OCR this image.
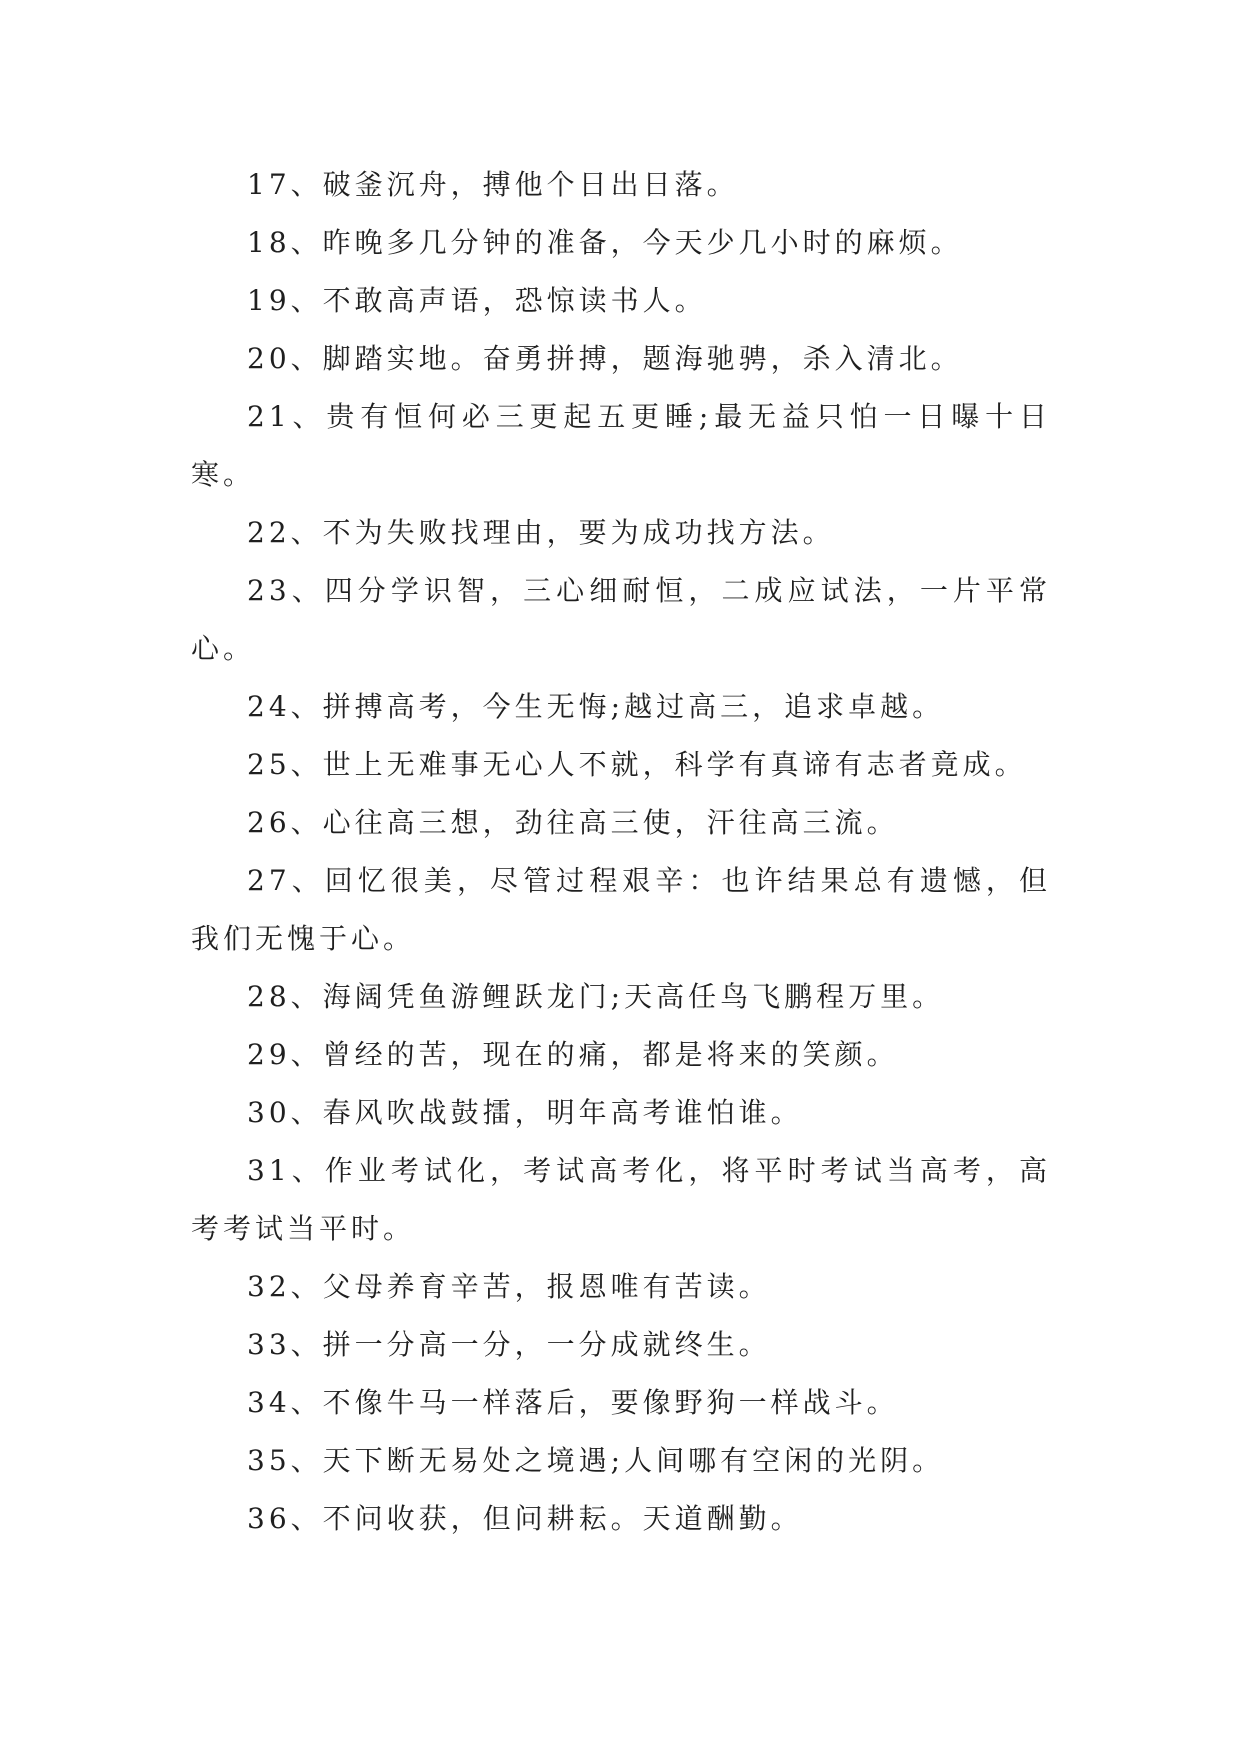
17、破釜沉舟，搏他个日出日落。

18、昨晚多几分钟的准备，今天少几小时的麻烦。

19、不敢高声语，恐惊读书人。

20、脚踏实地。奋勇拼搏，题海驰骋，杀入清北。

21、贵有恒何必三更起五更睡;最无益只怕一日曝十日寒。

22、不为失败找理由，要为成功找方法。

23、四分学识智，三心细耐恒，二成应试法，一片平常心。

24、拼搏高考，今生无悔;越过高三，追求卓越。

25、世上无难事无心人不就，科学有真谛有志者竟成。

26、心往高三想，劲往高三使，汗往高三流。

27、回忆很美，尽管过程艰辛：也许结果总有遗憾，但我们无愧于心。

28、海阔凭鱼游鲤跃龙门;天高任鸟飞鹏程万里。

29、曾经的苦，现在的痛，都是将来的笑颜。

30、春风吹战鼓擂，明年高考谁怕谁。

31、作业考试化，考试高考化，将平时考试当高考，高考考试当平时。

32、父母养育辛苦，报恩唯有苦读。

33、拼一分高一分，一分成就终生。

34、不像牛马一样落后，要像野狗一样战斗。

35、天下断无易处之境遇;人间哪有空闲的光阴。

36、不问收获，但问耕耘。天道酬勤。
